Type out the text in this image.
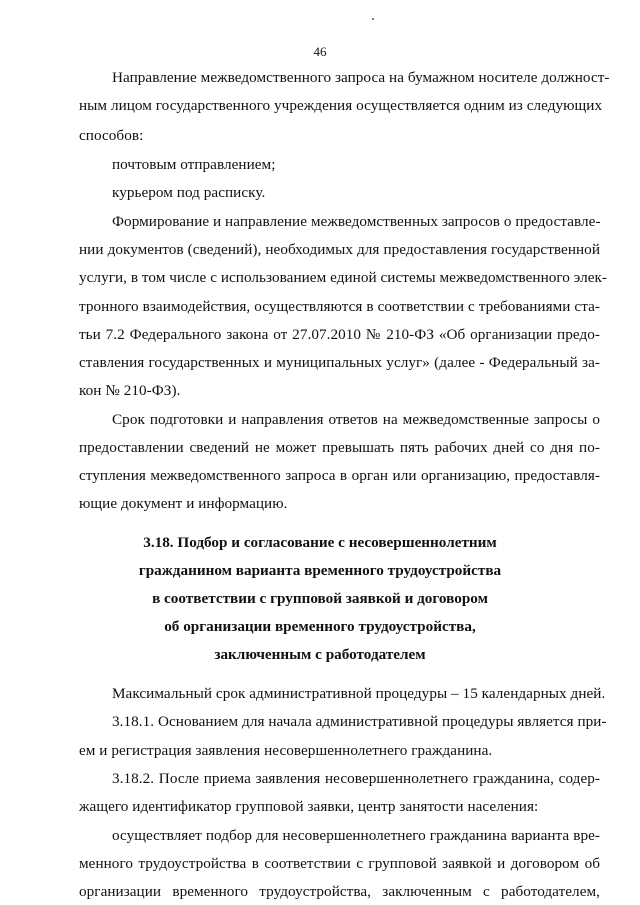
46
Направление межведомственного запроса на бумажном носителе должност-
ным лицом государственного учреждения осуществляется одним из следующих
способов:
почтовым отправлением;
курьером под расписку.
Формирование и направление межведомственных запросов о предоставле-
нии документов (сведений), необходимых для предоставления государственной
услуги, в том числе с использованием единой системы межведомственного элек-
тронного взаимодействия, осуществляются в соответствии с требованиями ста-
тьи 7.2 Федерального закона от 27.07.2010 № 210-ФЗ «Об организации предо-
ставления государственных и муниципальных услуг» (далее - Федеральный за-
кон № 210-ФЗ).
Срок подготовки и направления ответов на межведомственные запросы о
предоставлении сведений не может превышать пять рабочих дней со дня по-
ступления межведомственного запроса в орган или организацию, предоставля-
ющие документ и информацию.
3.18. Подбор и согласование с несовершеннолетним
гражданином варианта временного трудоустройства
в соответствии с групповой заявкой и договором
об организации временного трудоустройства,
заключенным с работодателем
Максимальный срок административной процедуры – 15 календарных дней.
3.18.1. Основанием для начала административной процедуры является при-
ем и регистрация заявления несовершеннолетнего гражданина.
3.18.2. После приема заявления несовершеннолетнего гражданина, содер-
жащего идентификатор групповой заявки, центр занятости населения:
осуществляет подбор для несовершеннолетнего гражданина варианта вре-
менного трудоустройства в соответствии с групповой заявкой и договором об
организации временного трудоустройства, заключенным с работодателем,
